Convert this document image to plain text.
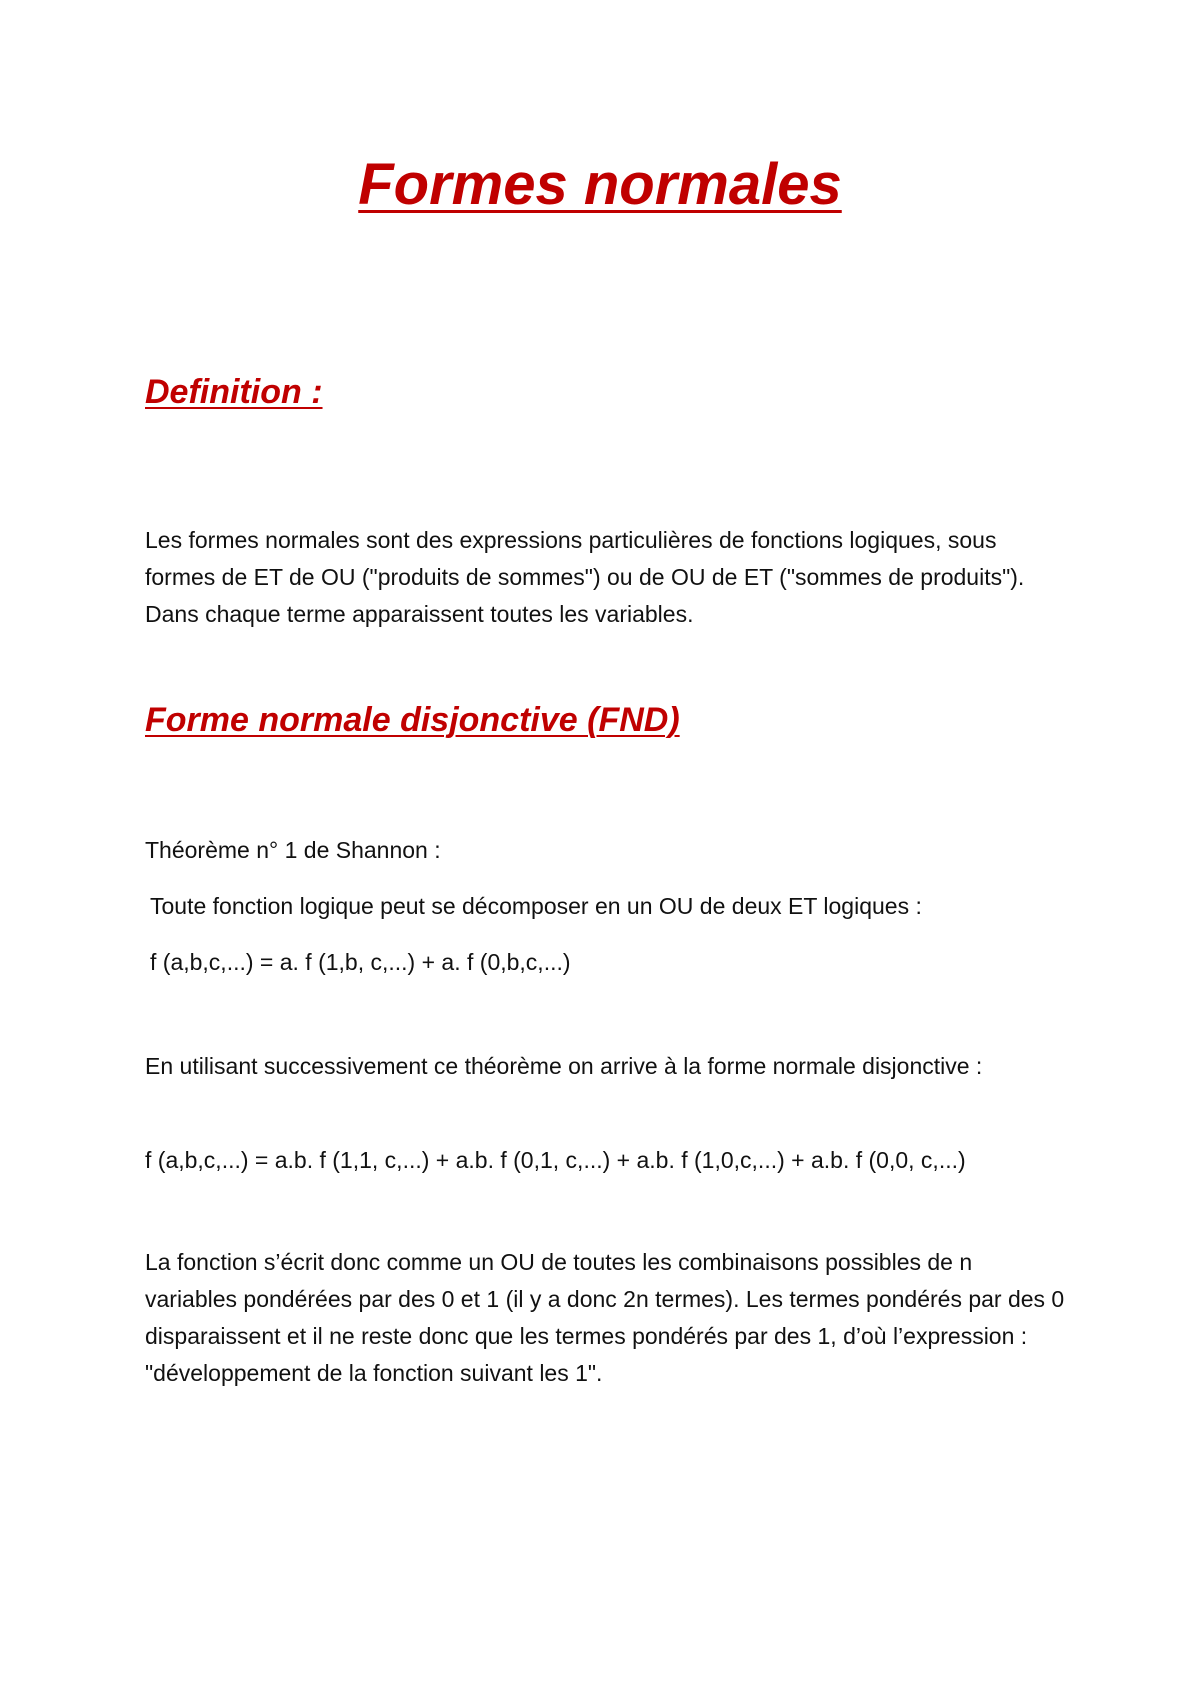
Formes normales
Definition :

Les formes normales sont des expressions particulières de fonctions logiques, sous formes de ET de OU ("produits de sommes") ou de OU de ET ("sommes de produits"). Dans chaque terme apparaissent toutes les variables.

Forme normale disjonctive (FND)

Théorème n° 1 de Shannon :

Toute fonction logique peut se décomposer en un OU de deux ET logiques :

f (a,b,c,...) = a. f (1,b, c,...) + a. f (0,b,c,...)

En utilisant successivement ce théorème on arrive à la forme normale disjonctive :

f (a,b,c,...) = a.b. f (1,1, c,...) + a.b. f (0,1, c,...) + a.b. f (1,0,c,...) + a.b. f (0,0, c,...)

La fonction s’écrit donc comme un OU de toutes les combinaisons possibles de n variables pondérées par des 0 et 1 (il y a donc 2n termes). Les termes pondérés par des 0 disparaissent et il ne reste donc que les termes pondérés par des 1, d’où l’expression : "développement de la fonction suivant les 1".
